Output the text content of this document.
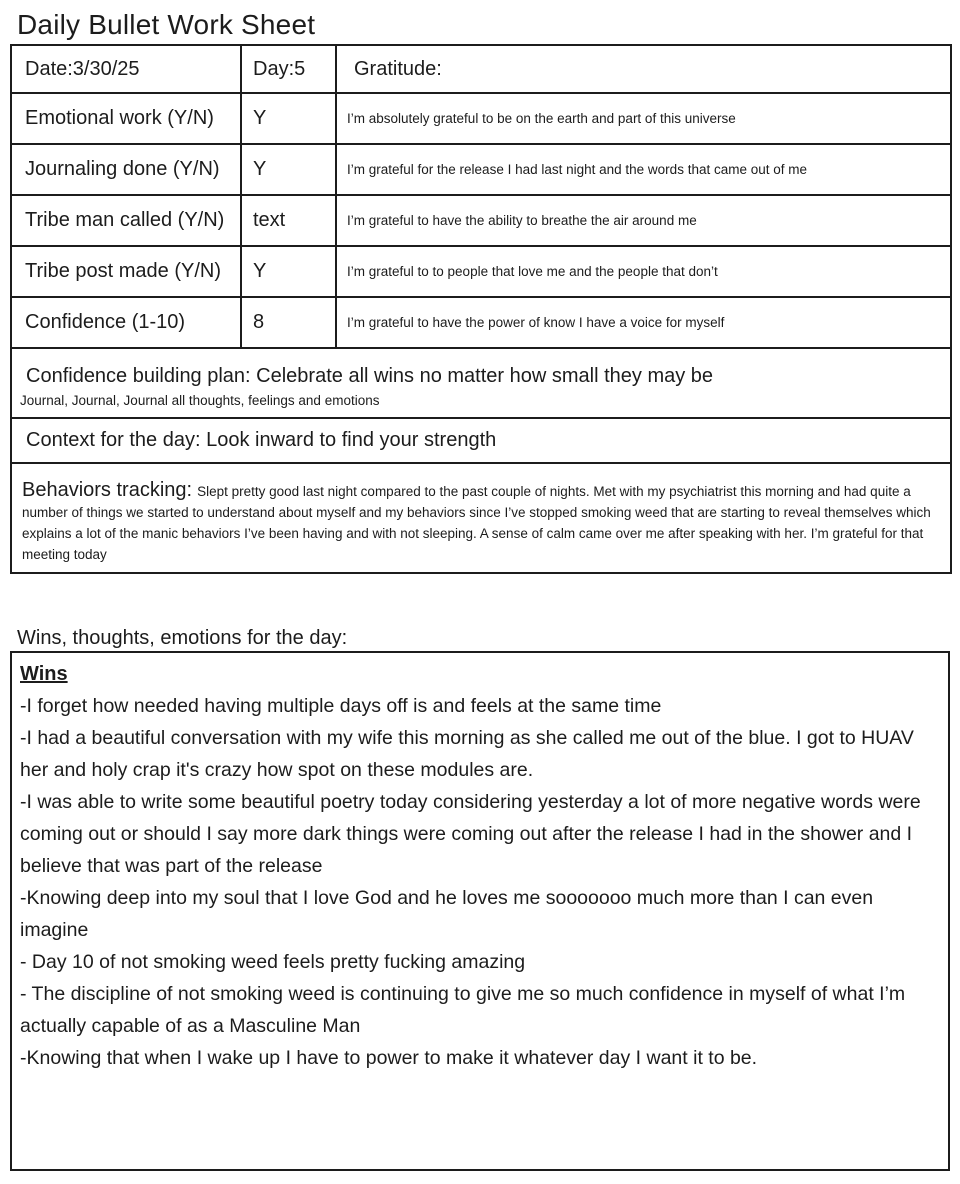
Daily Bullet Work Sheet
Date:3/30/25	Day:5	Gratitude:
Emotional work (Y/N)	Y	I’m absolutely grateful to be on the earth and part of this universe
Journaling done (Y/N)	Y	I’m grateful for the release I had last night and the words that came out of me
Tribe man called (Y/N)	text	I’m grateful to have the ability to breathe the air around me
Tribe post made (Y/N)	Y	I’m grateful to to people that love me and the people that don’t
Confidence (1-10)	8	I’m grateful to have the power of know I have a voice for myself

Confidence building plan: Celebrate all wins no matter how small they may be
Journal, Journal, Journal all thoughts, feelings and emotions		

Context for the day: Look inward to find your strength		

Behaviors tracking: Slept pretty good last night compared to the past couple of nights. Met with my psychiatrist this morning and had quite a number of things we started to understand about myself and my behaviors since I’ve stopped smoking weed that are starting to reveal themselves which explains a lot of the manic behaviors I’ve been having and with not sleeping. A sense of calm came over me after speaking with her. I’m grateful for that meeting today		
Wins, thoughts, emotions for the day:
Wins
-I forget how needed having multiple days off is and feels at the same time
-I had a beautiful conversation with my wife this morning as she called me out of the blue. I got to HUAV her and holy crap it's crazy how spot on these modules are.
-I was able to write some beautiful poetry today considering yesterday a lot of more negative words were coming out or should I say more dark things were coming out after the release I had in the shower and I believe that was part of the release
-Knowing deep into my soul that I love God and he loves me sooooooo much more than I can even imagine
- Day 10 of not smoking weed feels pretty fucking amazing
- The discipline of not smoking weed is continuing to give me so much confidence in myself of what I’m actually capable of as a Masculine Man
-Knowing that when I wake up I have to power to make it whatever day I want it to be.
